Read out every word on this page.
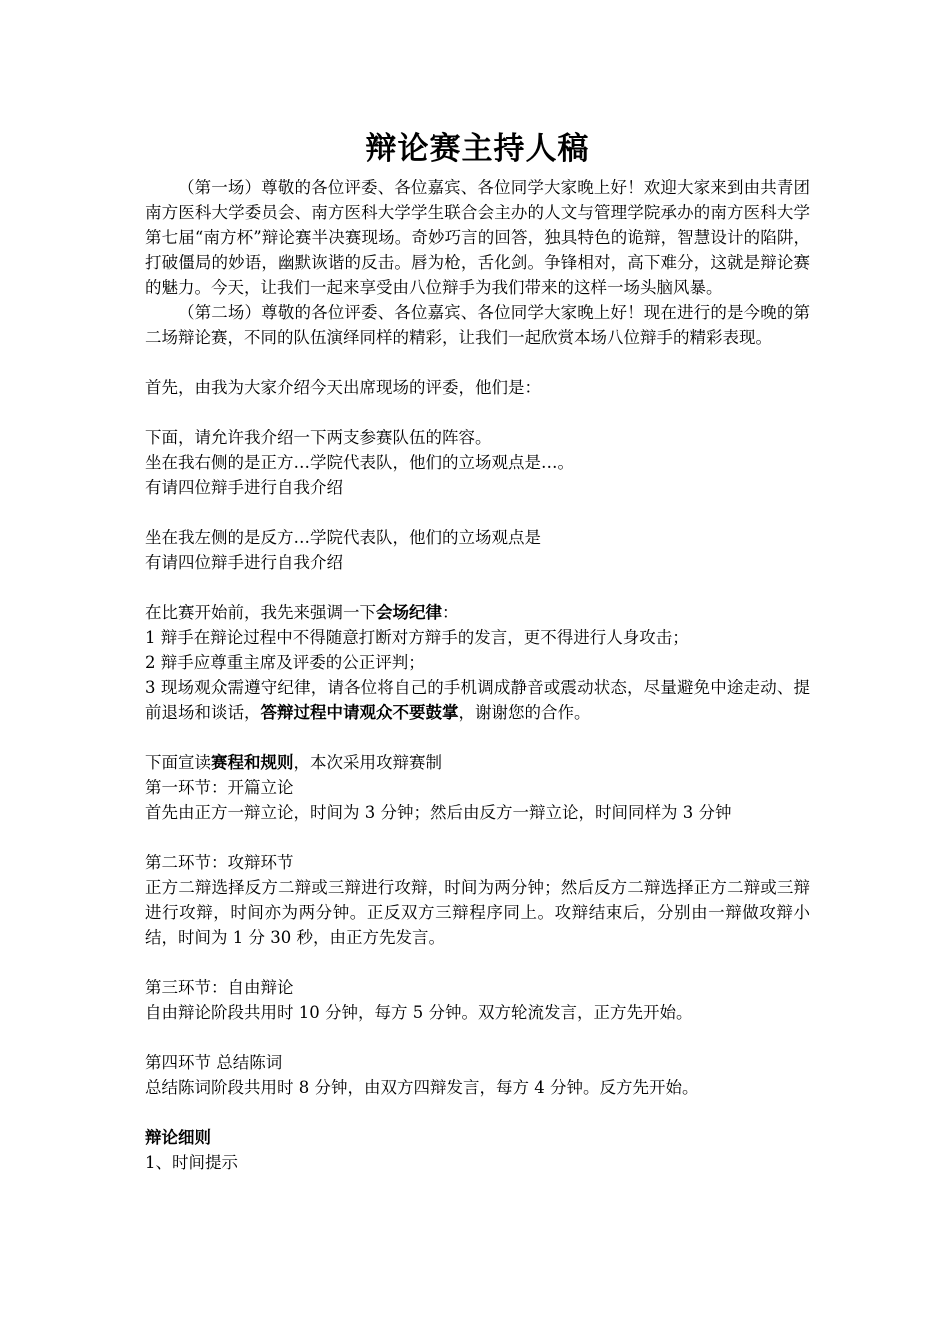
辩论赛主持人稿

（第一场）尊敬的各位评委、各位嘉宾、各位同学大家晚上好！欢迎大家来到由共青团南方医科大学委员会、南方医科大学学生联合会主办的人文与管理学院承办的南方医科大学第七届“南方杯”辩论赛半决赛现场。奇妙巧言的回答，独具特色的诡辩，智慧设计的陷阱，打破僵局的妙语，幽默诙谐的反击。唇为枪，舌化剑。争锋相对，高下难分，这就是辩论赛的魅力。今天，让我们一起来享受由八位辩手为我们带来的这样一场头脑风暴。

（第二场）尊敬的各位评委、各位嘉宾、各位同学大家晚上好！现在进行的是今晚的第二场辩论赛，不同的队伍演绎同样的精彩，让我们一起欣赏本场八位辩手的精彩表现。

首先，由我为大家介绍今天出席现场的评委，他们是：

下面，请允许我介绍一下两支参赛队伍的阵容。

坐在我右侧的是正方…学院代表队，他们的立场观点是…。

有请四位辩手进行自我介绍

坐在我左侧的是反方…学院代表队，他们的立场观点是

有请四位辩手进行自我介绍

在比赛开始前，我先来强调一下会场纪律：

1 辩手在辩论过程中不得随意打断对方辩手的发言，更不得进行人身攻击；

2 辩手应尊重主席及评委的公正评判；

3 现场观众需遵守纪律，请各位将自己的手机调成静音或震动状态，尽量避免中途走动、提前退场和谈话，答辩过程中请观众不要鼓掌，谢谢您的合作。

下面宣读赛程和规则，本次采用攻辩赛制

第一环节：开篇立论

首先由正方一辩立论，时间为 3 分钟；然后由反方一辩立论，时间同样为 3 分钟

第二环节：攻辩环节

正方二辩选择反方二辩或三辩进行攻辩，时间为两分钟；然后反方二辩选择正方二辩或三辩进行攻辩，时间亦为两分钟。正反双方三辩程序同上。攻辩结束后，分别由一辩做攻辩小结，时间为 1 分 30 秒，由正方先发言。

第三环节：自由辩论

自由辩论阶段共用时 10 分钟，每方 5 分钟。双方轮流发言，正方先开始。

第四环节 总结陈词

总结陈词阶段共用时 8 分钟，由双方四辩发言，每方 4 分钟。反方先开始。

辩论细则

1、时间提示
